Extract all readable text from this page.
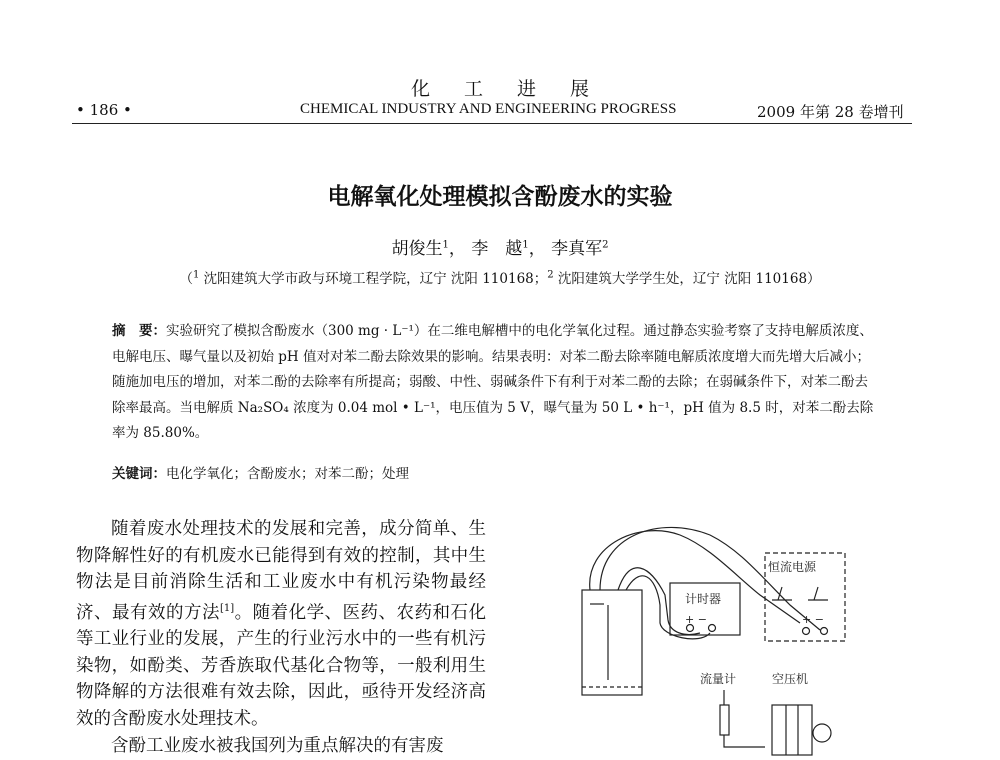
化工进展
• 186 •	CHEMICAL INDUSTRY AND ENGINEERING PROGRESS	2009 年第 28 卷增刊
电解氧化处理模拟含酚废水的实验
胡俊生$^1$， 李　越$^1$， 李真军$^2$
（$^1$ 沈阳建筑大学市政与环境工程学院，辽宁 沈阳 110168；$^2$ 沈阳建筑大学学生处，辽宁 沈阳 110168）
摘　要：实验研究了模拟含酚废水（300 mg · L⁻¹）在二维电解槽中的电化学氧化过程。通过静态实验考察了支持电解质浓度、电解电压、曝气量以及初始 pH 值对对苯二酚去除效果的影响。结果表明：对苯二酚去除率随电解质浓度增大而先增大后减小；随施加电压的增加，对苯二酚的去除率有所提高；弱酸、中性、弱碱条件下有利于对苯二酚的去除；在弱碱条件下，对苯二酚去除率最高。当电解质 Na₂SO₄ 浓度为 0.04 mol • L⁻¹，电压值为 5 V，曝气量为 50 L • h⁻¹，pH 值为 8.5 时，对苯二酚去除率为 85.80%。
关键词：电化学氧化；含酚废水；对苯二酚；处理
随着废水处理技术的发展和完善，成分简单、生物降解性好的有机废水已能得到有效的控制，其中生物法是目前消除生活和工业废水中有机污染物最经济、最有效的方法[1]。随着化学、医药、农药和石化等工业行业的发展，产生的行业污水中的一些有机污染物，如酚类、芳香族取代基化合物等，一般利用生物降解的方法很难有效去除，因此，亟待开发经济高效的含酚废水处理技术。
含酚工业废水被我国列为重点解决的有害废
恒流电源
计时器
流量计	空压机
+ −	+ −
